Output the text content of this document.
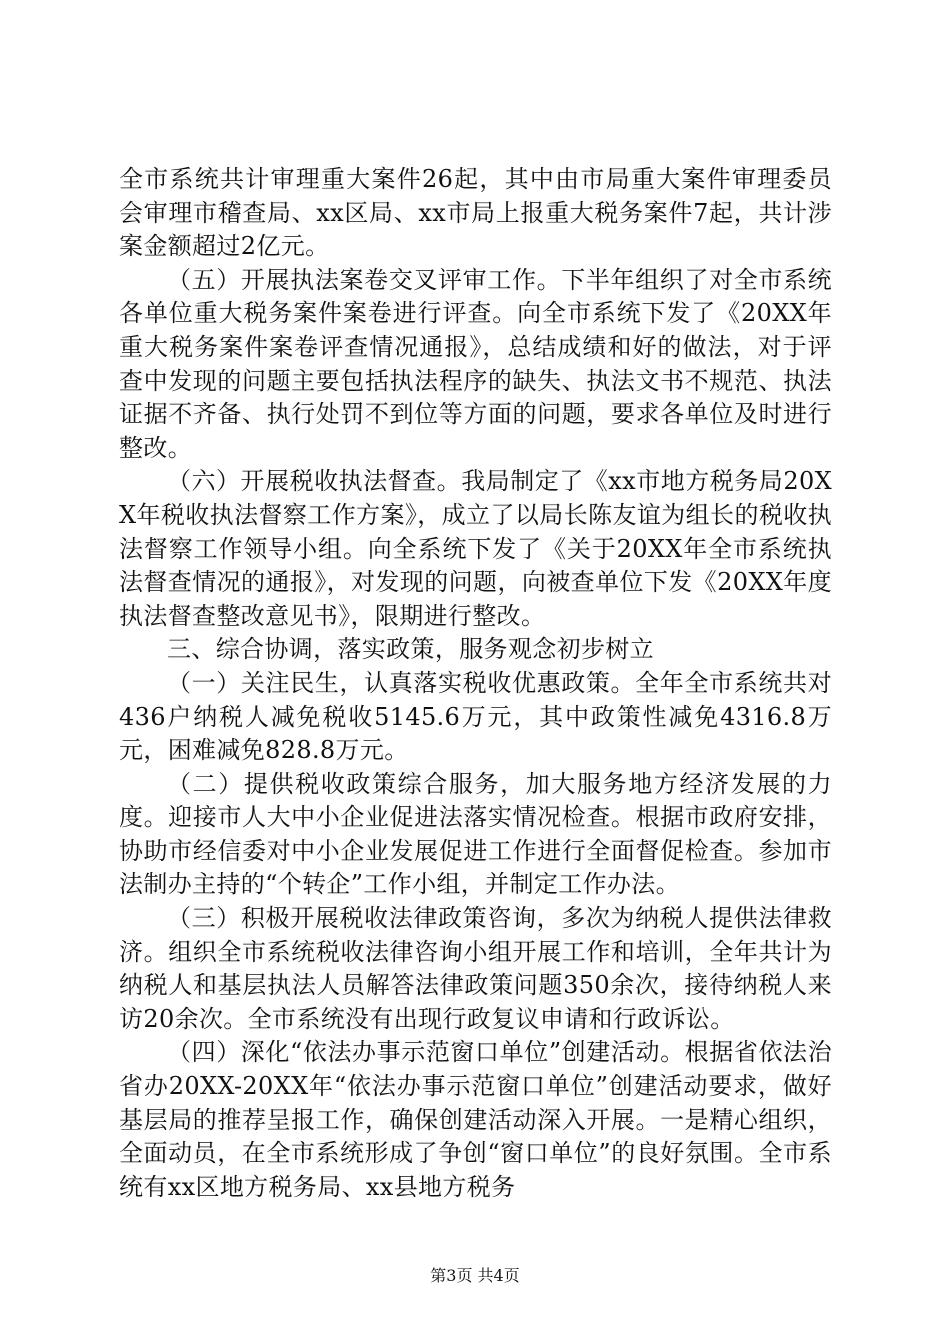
全市系统共计审理重大案件26起，其中由市局重大案件审理委员会审理市稽查局、xx区局、xx市局上报重大税务案件7起，共计涉案金额超过2亿元。

（五）开展执法案卷交叉评审工作。下半年组织了对全市系统各单位重大税务案件案卷进行评查。向全市系统下发了《20XX年重大税务案件案卷评查情况通报》，总结成绩和好的做法，对于评查中发现的问题主要包括执法程序的缺失、执法文书不规范、执法证据不齐备、执行处罚不到位等方面的问题，要求各单位及时进行整改。

（六）开展税收执法督查。我局制定了《xx市地方税务局20XX年税收执法督察工作方案》，成立了以局长陈友谊为组长的税收执法督察工作领导小组。向全系统下发了《关于20XX年全市系统执法督查情况的通报》，对发现的问题，向被查单位下发《20XX年度执法督查整改意见书》，限期进行整改。

三、综合协调，落实政策，服务观念初步树立

（一）关注民生，认真落实税收优惠政策。全年全市系统共对436户纳税人减免税收5145.6万元，其中政策性减免4316.8万元，困难减免828.8万元。

（二）提供税收政策综合服务，加大服务地方经济发展的力度。迎接市人大中小企业促进法落实情况检查。根据市政府安排，协助市经信委对中小企业发展促进工作进行全面督促检查。参加市法制办主持的“个转企”工作小组，并制定工作办法。

（三）积极开展税收法律政策咨询，多次为纳税人提供法律救济。组织全市系统税收法律咨询小组开展工作和培训，全年共计为纳税人和基层执法人员解答法律政策问题350余次，接待纳税人来访20余次。全市系统没有出现行政复议申请和行政诉讼。

（四）深化“依法办事示范窗口单位”创建活动。根据省依法治省办20XX-20XX年“依法办事示范窗口单位”创建活动要求，做好基层局的推荐呈报工作，确保创建活动深入开展。一是精心组织，全面动员，在全市系统形成了争创“窗口单位”的良好氛围。全市系统有xx区地方税务局、xx县地方税务

第3页 共4页
